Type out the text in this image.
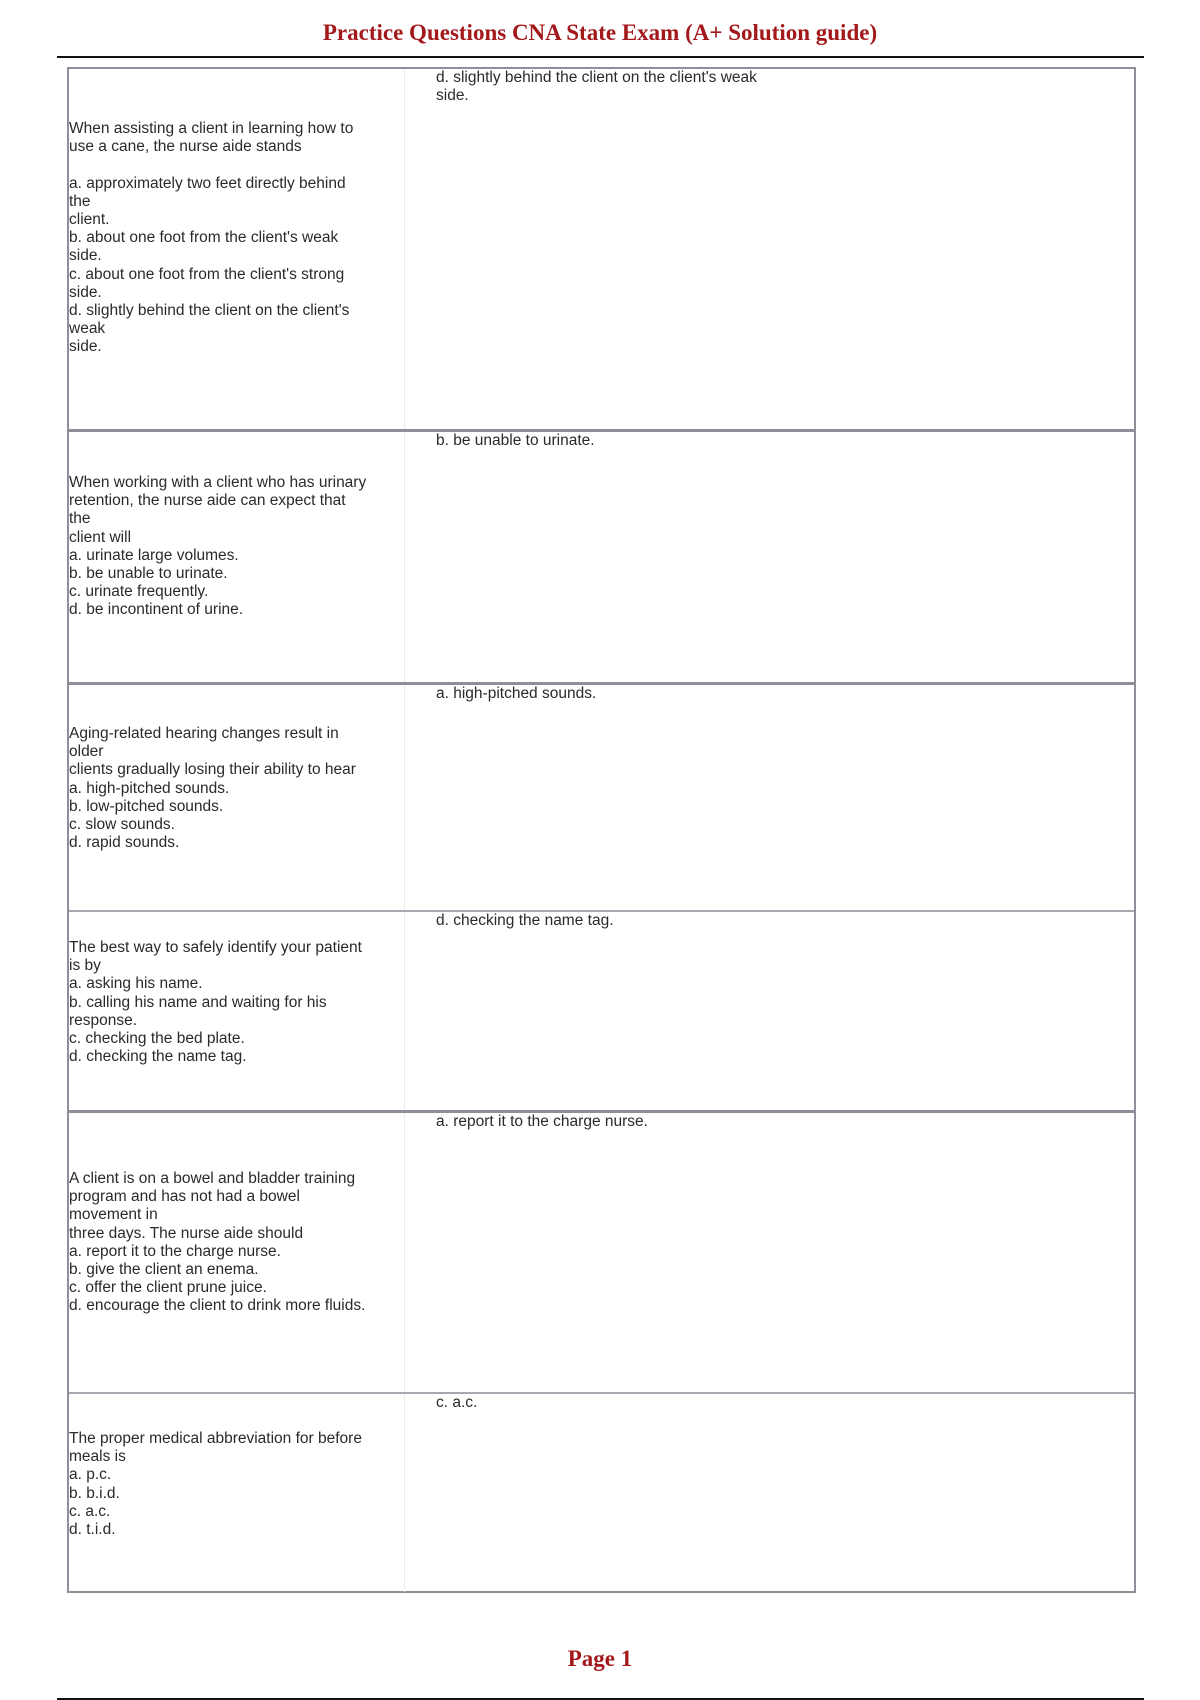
Practice Questions CNA State Exam (A+ Solution guide)

d. slightly behind the client on the client's weak
side.

When assisting a client in learning how to
use a cane, the nurse aide stands

a. approximately two feet directly behind
the
client.
b. about one foot from the client's weak
side.
c. about one foot from the client's strong
side.
d. slightly behind the client on the client's
weak
side.

b. be unable to urinate.

When working with a client who has urinary
retention, the nurse aide can expect that
the
client will
a. urinate large volumes.
b. be unable to urinate.
c. urinate frequently.
d. be incontinent of urine.

a. high-pitched sounds.

Aging-related hearing changes result in
older
clients gradually losing their ability to hear
a. high-pitched sounds.
b. low-pitched sounds.
c. slow sounds.
d. rapid sounds.

d. checking the name tag.

The best way to safely identify your patient
is by
a. asking his name.
b. calling his name and waiting for his
response.
c. checking the bed plate.
d. checking the name tag.

a. report it to the charge nurse.

A client is on a bowel and bladder training
program and has not had a bowel
movement in
three days. The nurse aide should
a. report it to the charge nurse.
b. give the client an enema.
c. offer the client prune juice.
d. encourage the client to drink more fluids.

c. a.c.

The proper medical abbreviation for before
meals is
a. p.c.
b. b.i.d.
c. a.c.
d. t.i.d.

Page 1
